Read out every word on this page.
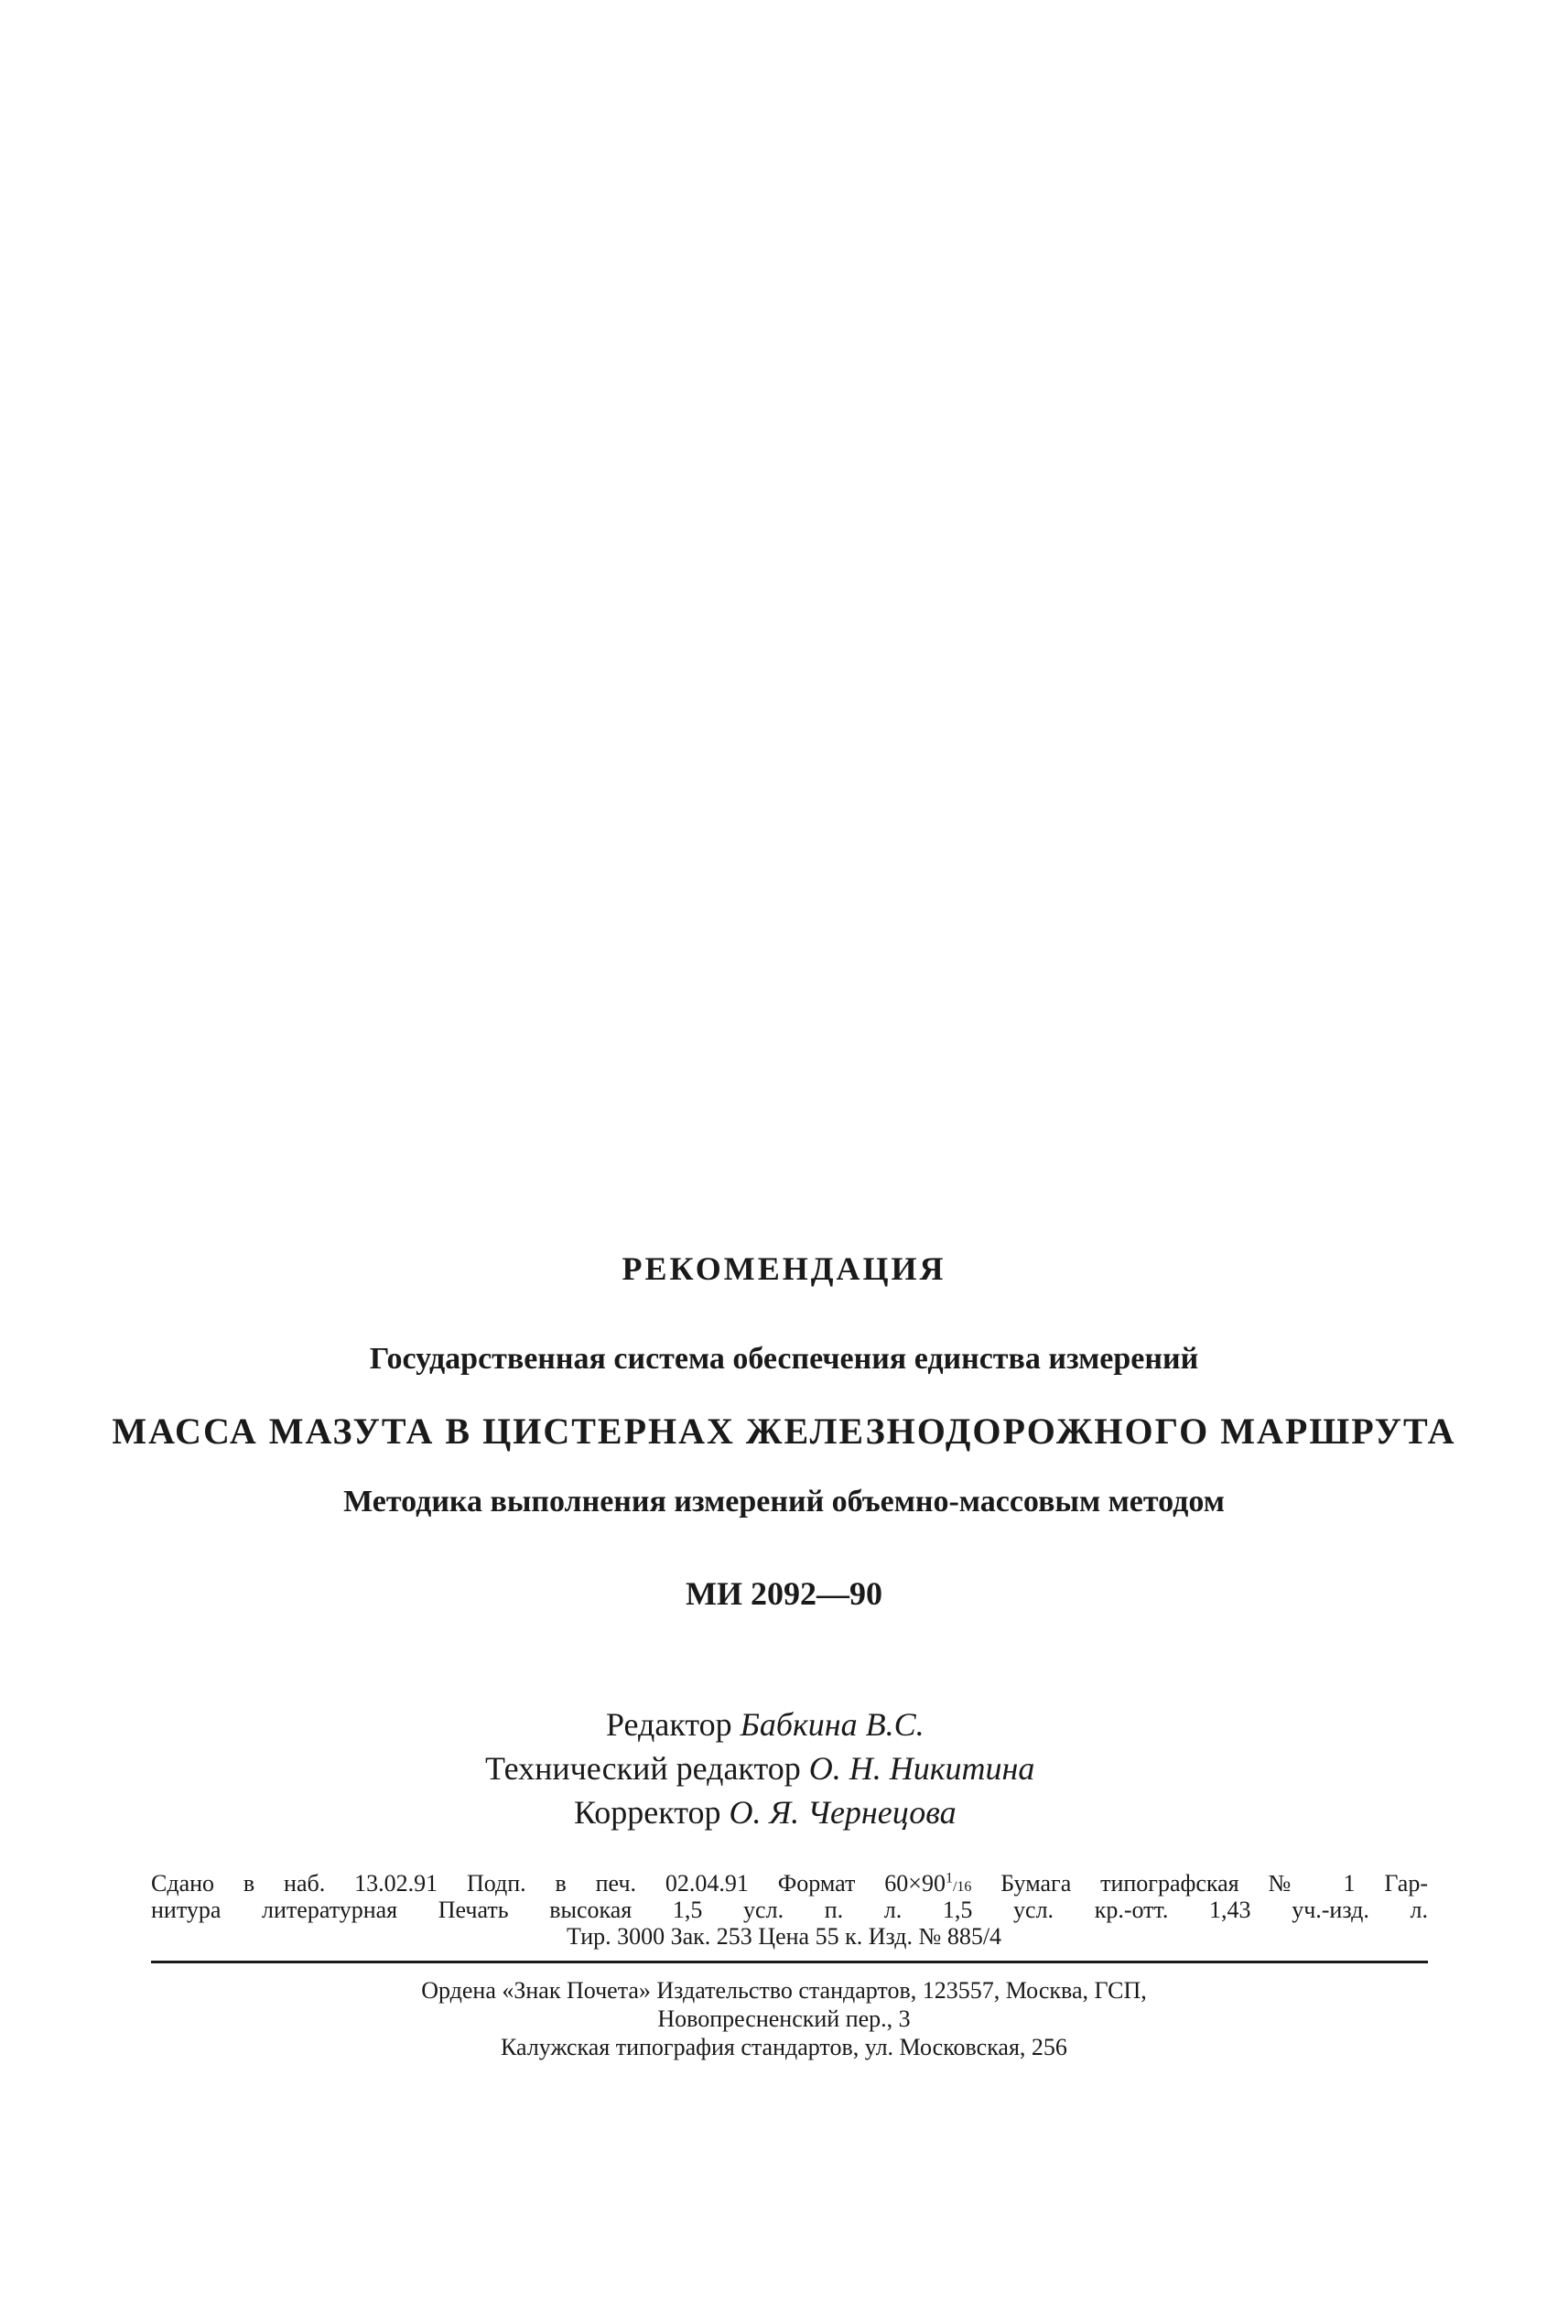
РЕКОМЕНДАЦИЯ
Государственная система обеспечения единства измерений
МАССА МАЗУТА В ЦИСТЕРНАХ ЖЕЛЕЗНОДОРОЖНОГО МАРШРУТА
Методика выполнения измерений объемно-массовым методом
МИ 2092—90
Редактор Бабкина В.С.
Технический редактор О. Н. Никитина
Корректор О. Я. Чернецова
Сдано в наб. 13.02.91 Подп. в печ. 02.04.91 Формат $60\times 90^1/16$ Бумага типографская № 1 Гар-
нитура литературная Печать высокая 1,5 усл. п. л. 1,5 усл. кр.-отт. 1,43 уч.-изд. л.
Тир. 3000 Зак. 253 Цена 55 к. Изд. № 885/4
Ордена «Знак Почета» Издательство стандартов, 123557, Москва, ГСП,
Новопресненский пер., 3
Калужская типография стандартов, ул. Московская, 256
